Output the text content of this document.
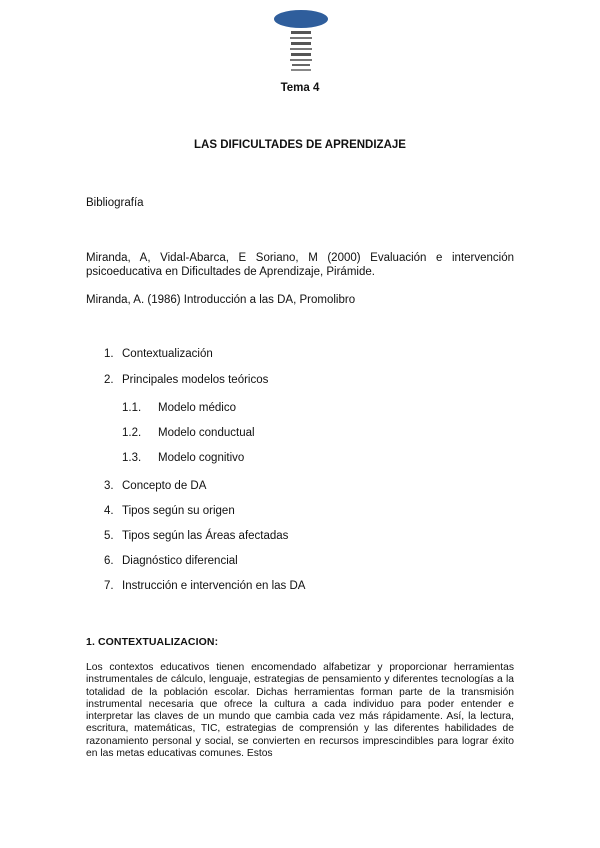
Tema 4
LAS DIFICULTADES DE APRENDIZAJE
Bibliografía
Miranda, A, Vidal-Abarca, E Soriano, M (2000) Evaluación e intervención psicoeducativa en Dificultades de Aprendizaje, Pirámide.
Miranda, A. (1986) Introducción a las DA, Promolibro
1. Contextualización
2. Principales modelos teóricos
1.1. Modelo médico
1.2. Modelo conductual
1.3. Modelo cognitivo
3. Concepto de DA
4. Tipos según su origen
5. Tipos según las Áreas afectadas
6. Diagnóstico diferencial
7. Instrucción e intervención en las DA
1. CONTEXTUALIZACION:
Los contextos educativos tienen encomendado alfabetizar y proporcionar herramientas instrumentales de cálculo, lenguaje, estrategias de pensamiento y diferentes tecnologías a la totalidad de la población escolar. Dichas herramientas forman parte de la transmisión instrumental necesaria que ofrece la cultura a cada individuo para poder entender e interpretar las claves de un mundo que cambia cada vez más rápidamente. Así, la lectura, escritura, matemáticas, TIC, estrategias de comprensión y las diferentes habilidades de razonamiento personal y social, se convierten en recursos imprescindibles para lograr éxito en las metas educativas comunes. Estos
